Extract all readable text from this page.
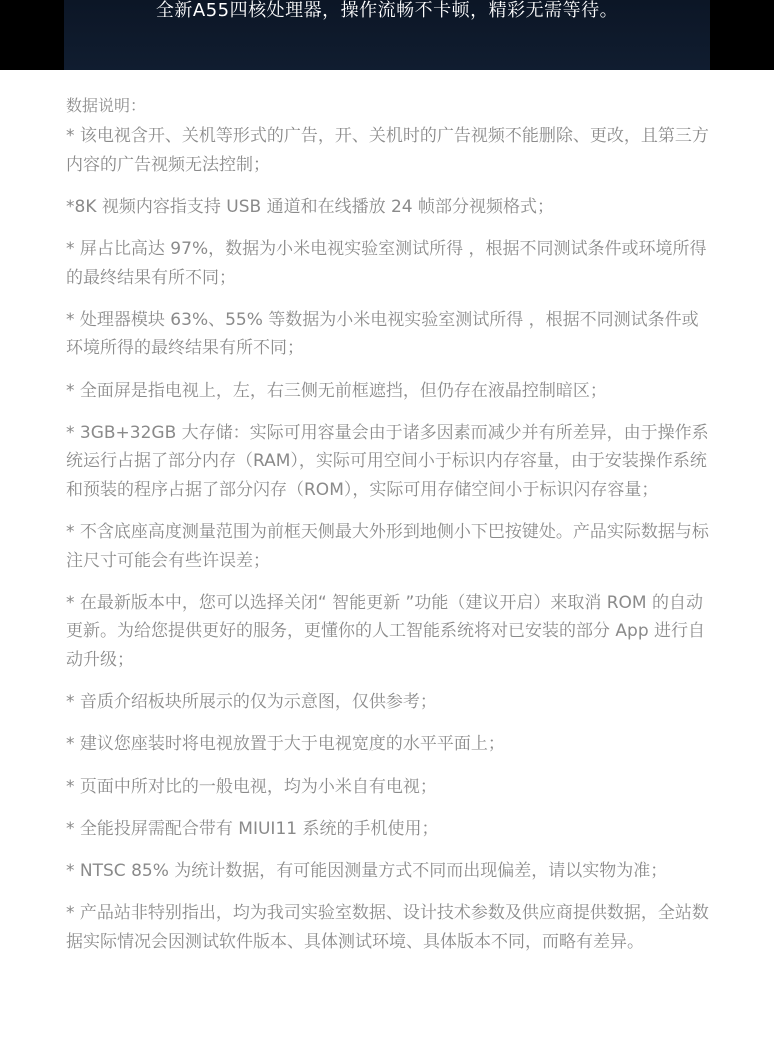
全新A55四核处理器，操作流畅不卡顿，精彩无需等待。
数据说明：
* 该电视含开、关机等形式的广告，开、关机时的广告视频不能删除、更改，且第三方内容的广告视频无法控制；
*8K 视频内容指支持 USB 通道和在线播放 24 帧部分视频格式；
* 屏占比高达 97%，数据为小米电视实验室测试所得 ，根据不同测试条件或环境所得的最终结果有所不同；
* 处理器模块 63%、55% 等数据为小米电视实验室测试所得 ，根据不同测试条件或环境所得的最终结果有所不同；
* 全面屏是指电视上，左，右三侧无前框遮挡，但仍存在液晶控制暗区；
* 3GB+32GB 大存储：实际可用容量会由于诸多因素而减少并有所差异，由于操作系统运行占据了部分内存（RAM），实际可用空间小于标识内存容量，由于安装操作系统和预装的程序占据了部分闪存（ROM），实际可用存储空间小于标识闪存容量；
* 不含底座高度测量范围为前框天侧最大外形到地侧小下巴按键处。产品实际数据与标注尺寸可能会有些许误差；
* 在最新版本中，您可以选择关闭“ 智能更新 ”功能（建议开启）来取消 ROM 的自动更新。为给您提供更好的服务，更懂你的人工智能系统将对已安装的部分 App 进行自动升级；
* 音质介绍板块所展示的仅为示意图，仅供参考；
* 建议您座装时将电视放置于大于电视宽度的水平平面上；
* 页面中所对比的一般电视，均为小米自有电视；
* 全能投屏需配合带有 MIUI11 系统的手机使用；
* NTSC 85% 为统计数据，有可能因测量方式不同而出现偏差，请以实物为准；
* 产品站非特别指出，均为我司实验室数据、设计技术参数及供应商提供数据，全站数据实际情况会因测试软件版本、具体测试环境、具体版本不同，而略有差异。
